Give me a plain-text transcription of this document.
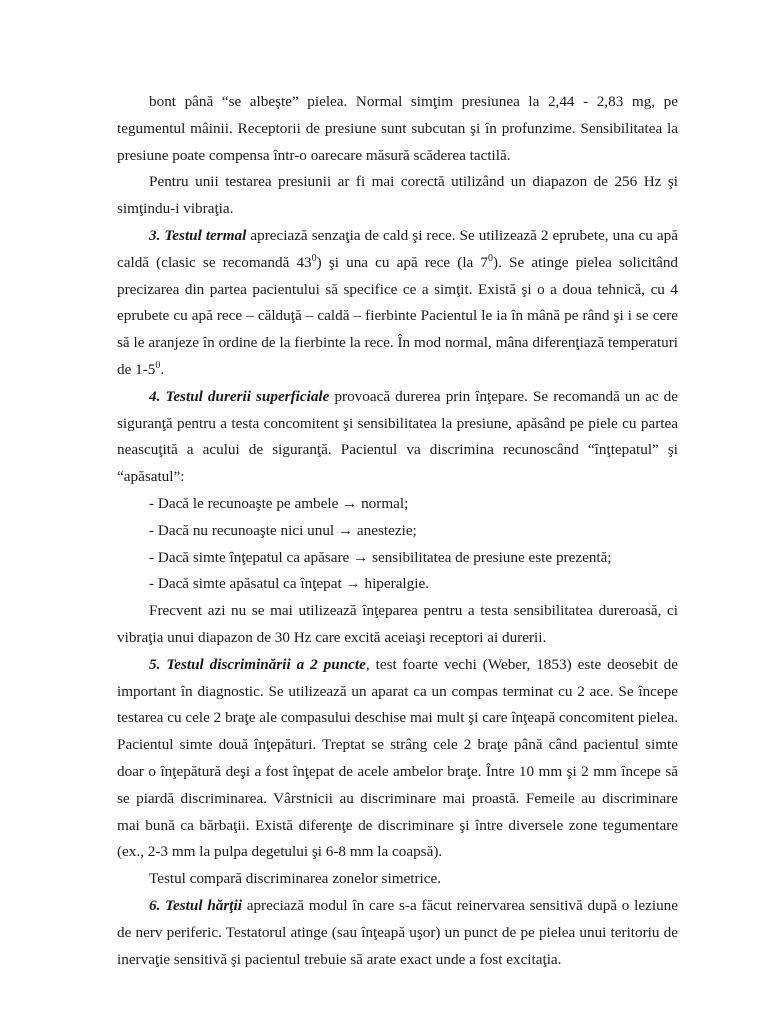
bont până “se albeşte” pielea. Normal simţim presiunea la 2,44 - 2,83 mg, pe tegumentul mâinii. Receptorii de presiune sunt subcutan şi în profunzime. Sensibilitatea la presiune poate compensa într-o oarecare măsură scăderea tactilă.

Pentru unii testarea presiunii ar fi mai corectă utilizând un diapazon de 256 Hz şi simţindu-i vibraţia.

3. Testul termal apreciază senzaţia de cald şi rece. Se utilizează 2 eprubete, una cu apă caldă (clasic se recomandă $43^0$) şi una cu apă rece (la $7^0$). Se atinge pielea solicitând precizarea din partea pacientului să specifice ce a simţit. Există şi o a doua tehnică, cu 4 eprubete cu apă rece – călduţă – caldă – fierbinte Pacientul le ia în mână pe rând şi i se cere să le aranjeze în ordine de la fierbinte la rece. În mod normal, mâna diferenţiază temperaturi de $1-5^0$.

4. Testul durerii superficiale provoacă durerea prin înţepare. Se recomandă un ac de siguranţă pentru a testa concomitent şi sensibilitatea la presiune, apăsând pe piele cu partea neascuţită a acului de siguranţă. Pacientul va discrimina recunoscând “înţtepatul” şi “apăsatul”:

- Dacă le recunoaşte pe ambele → normal;

- Dacă nu recunoaşte nici unul → anestezie;

- Dacă simte înţepatul ca apăsare → sensibilitatea de presiune este prezentă;

- Dacă simte apăsatul ca înţepat → hiperalgie.

Frecvent azi nu se mai utilizează înţeparea pentru a testa sensibilitatea dureroasă, ci vibraţia unui diapazon de 30 Hz care excită aceiaşi receptori ai durerii.

5. Testul discriminării a 2 puncte, test foarte vechi (Weber, 1853) este deosebit de important în diagnostic. Se utilizează un aparat ca un compas terminat cu 2 ace. Se începe testarea cu cele 2 braţe ale compasului deschise mai mult şi care înţeapă concomitent pielea. Pacientul simte două înţepături. Treptat se strâng cele 2 braţe până când pacientul simte doar o înţepătură deşi a fost înţepat de acele ambelor braţe. Între 10 mm şi 2 mm începe să se piardă discriminarea. Vârstnicii au discriminare mai proastă. Femeile au discriminare mai bună ca bărbaţii. Există diferenţe de discriminare şi între diversele zone tegumentare (ex., 2-3 mm la pulpa degetului şi 6-8 mm la coapsă).

Testul compară discriminarea zonelor simetrice.

6. Testul hărţii apreciază modul în care s-a făcut reinervarea sensitivă după o leziune de nerv periferic. Testatorul atinge (sau înţeapă uşor) un punct de pe pielea unui teritoriu de inervaţie sensitivă şi pacientul trebuie să arate exact unde a fost excitaţia.
